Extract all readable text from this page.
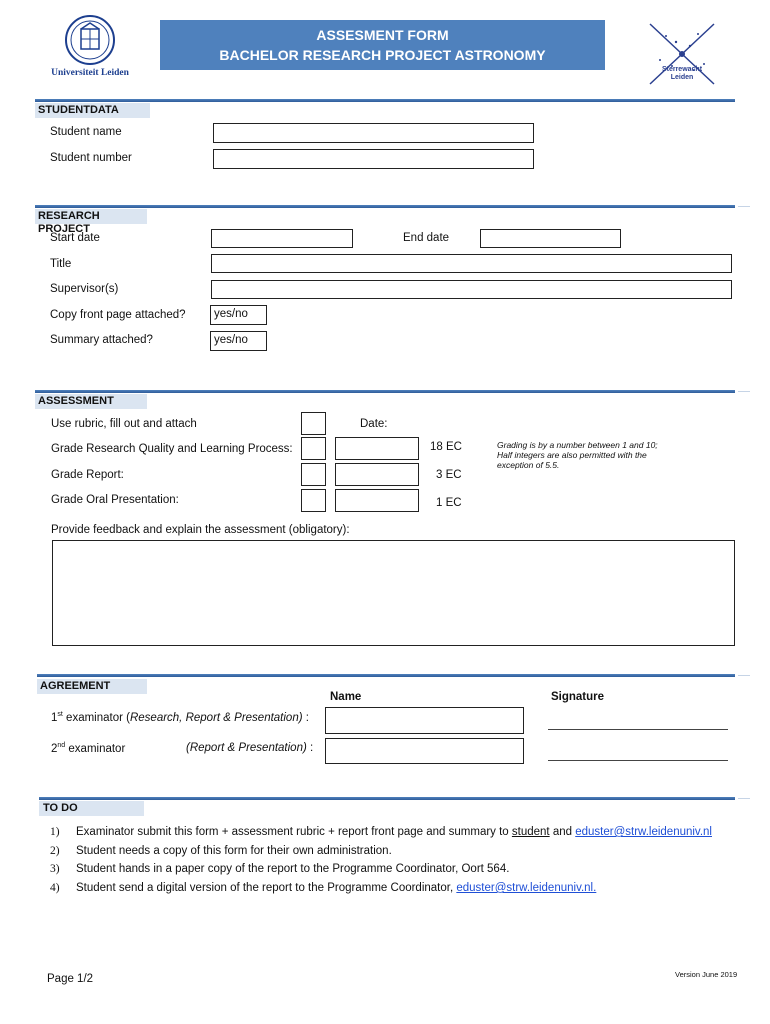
Universiteit Leiden
ASSESMENT FORM
BACHELOR RESEARCH PROJECT ASTRONOMY
Sterrewacht
Leiden
STUDENTDATA
Student name
Student number
RESEARCH PROJECT
Start date	End date
Title
Supervisor(s)
Copy front page attached?	yes/no
Summary attached?	yes/no
ASSESSMENT
Use rubric, fill out and attach	Date:
Grade Research Quality and Learning Process:	18 EC
Grade Report:	3 EC
Grade Oral Presentation:	1 EC
Grading is by a number between 1 and 10;
Half integers are also permitted with the
exception of 5.5.
Provide feedback and explain the assessment (obligatory):
AGREEMENT
Name	Signature
1st examinator (Research, Report & Presentation) :
2nd examinator	(Report & Presentation) :
TO DO
1) Examinator submit this form + assessment rubric + report front page and summary to student and eduster@strw.leidenuniv.nl
2) Student needs a copy of this form for their own administration.
3) Student hands in a paper copy of the report to the Programme Coordinator, Oort 564.
4) Student send a digital version of the report to the Programme Coordinator, eduster@strw.leidenuniv.nl.
Page 1/2	Version June 2019
